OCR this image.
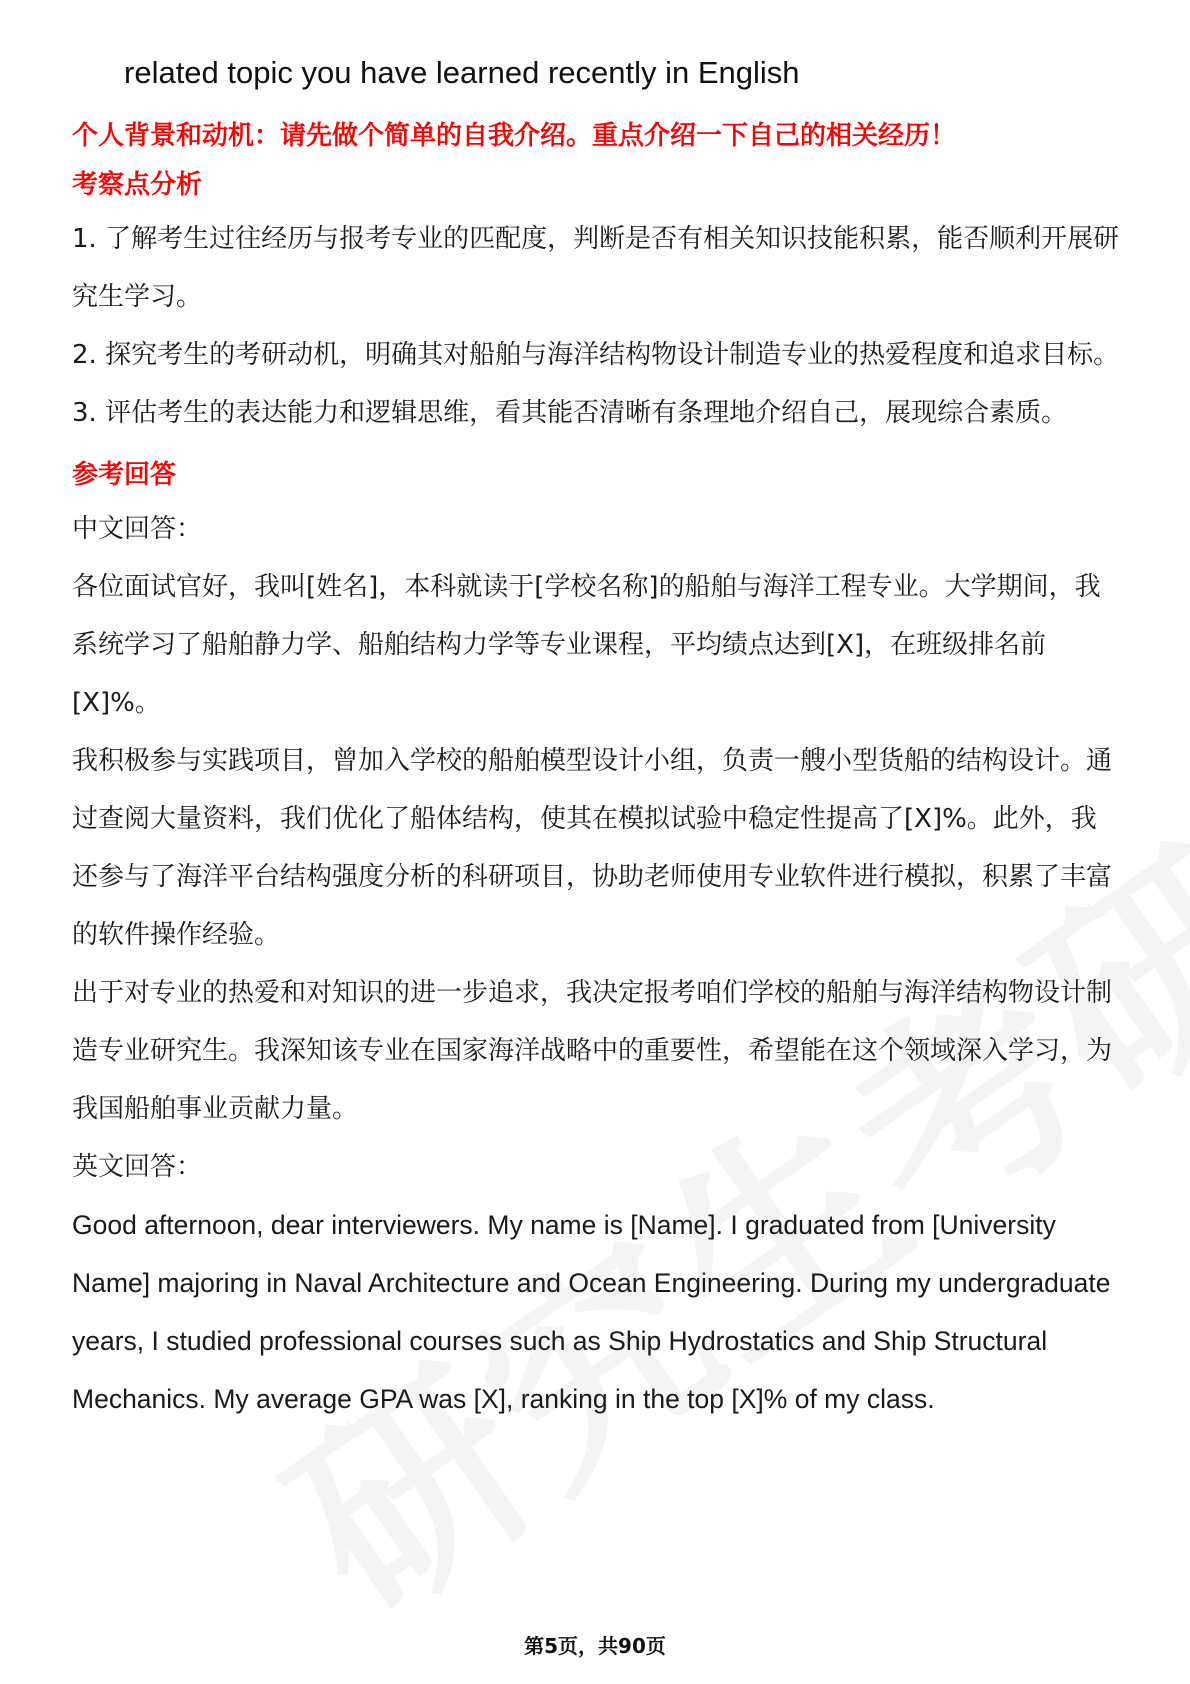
related topic you have learned recently in English

个人背景和动机：请先做个简单的自我介绍。重点介绍一下自己的相关经历！

考察点分析

1. 了解考生过往经历与报考专业的匹配度，判断是否有相关知识技能积累，能否顺利开展研究生学习。

2. 探究考生的考研动机，明确其对船舶与海洋结构物设计制造专业的热爱程度和追求目标。

3. 评估考生的表达能力和逻辑思维，看其能否清晰有条理地介绍自己，展现综合素质。

参考回答

中文回答：

各位面试官好，我叫[姓名]，本科就读于[学校名称]的船舶与海洋工程专业。大学期间，我系统学习了船舶静力学、船舶结构力学等专业课程，平均绩点达到[X]，在班级排名前[X]%。

我积极参与实践项目，曾加入学校的船舶模型设计小组，负责一艘小型货船的结构设计。通过查阅大量资料，我们优化了船体结构，使其在模拟试验中稳定性提高了[X]%。此外，我还参与了海洋平台结构强度分析的科研项目，协助老师使用专业软件进行模拟，积累了丰富的软件操作经验。

出于对专业的热爱和对知识的进一步追求，我决定报考咱们学校的船舶与海洋结构物设计制造专业研究生。我深知该专业在国家海洋战略中的重要性，希望能在这个领域深入学习，为我国船舶事业贡献力量。

英文回答：

Good afternoon, dear interviewers. My name is [Name]. I graduated from [University Name] majoring in Naval Architecture and Ocean Engineering. During my undergraduate years, I studied professional courses such as Ship Hydrostatics and Ship Structural Mechanics. My average GPA was [X], ranking in the top [X]% of my class.

第5页，共90页
